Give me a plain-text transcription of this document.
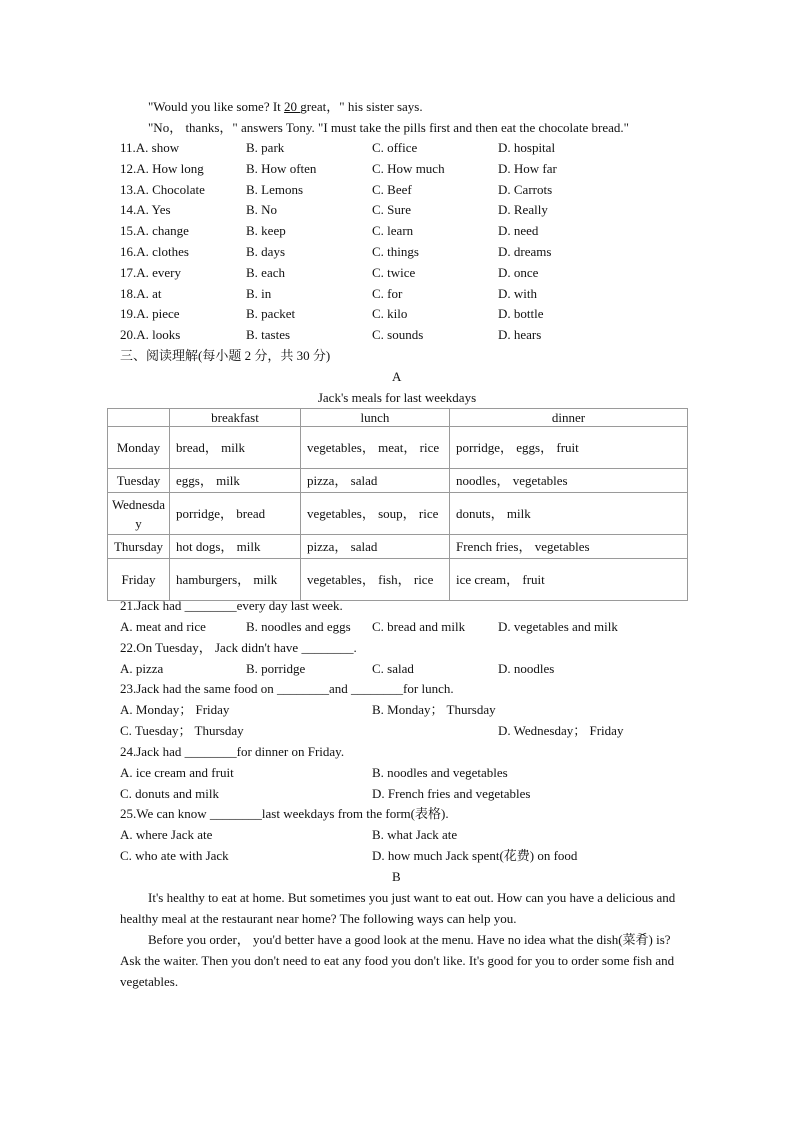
"Would you like some? It 20 great，" his sister says.
"No， thanks，" answers Tony. "I must take the pills first and then eat the chocolate bread."
11.A. show	B. park	C. office	D. hospital
12.A. How long	B. How often	C. How much	D. How far
13.A. Chocolate	B. Lemons	C. Beef	D. Carrots
14.A. Yes	B. No	C. Sure	D. Really
15.A. change	B. keep	C. learn	D. need
16.A. clothes	B. days	C. things	D. dreams
17.A. every	B. each	C. twice	D. once
18.A. at	B. in	C. for	D. with
19.A. piece	B. packet	C. kilo	D. bottle
20.A. looks	B. tastes	C. sounds	D. hears
三、阅读理解(每小题 2 分，共 30 分)
A
Jack's meals for last weekdays
	breakfast	lunch	dinner
Monday	bread， milk	vegetables， meat， rice	porridge， eggs， fruit
Tuesday	eggs， milk	pizza， salad	noodles， vegetables
Wednesday	porridge， bread	vegetables， soup， rice	donuts， milk
Thursday	hot dogs， milk	pizza， salad	French fries， vegetables
Friday	hamburgers， milk	vegetables， fish， rice	ice cream， fruit
21.Jack had ________every day last week.
A. meat and rice	B. noodles and eggs C. bread and milk	D. vegetables and milk
22.On Tuesday， Jack didn't have ________.
A. pizza	B. porridge	C. salad	D. noodles
23.Jack had the same food on ________and ________for lunch.
A. Monday； Friday	B. Monday； Thursday
C. Tuesday； Thursday	D. Wednesday； Friday
24.Jack had ________for dinner on Friday.
A. ice cream and fruit	B. noodles and vegetables
C. donuts and milk	D. French fries and vegetables
25.We can know ________last weekdays from the form(表格).
A. where Jack ate	B. what Jack ate
C. who ate with Jack	D. how much Jack spent(花费) on food
B

It's healthy to eat at home. But sometimes you just want to eat out. How can you have a delicious and healthy meal at the restaurant near home? The following ways can help you.

Before you order， you'd better have a good look at the menu. Have no idea what the dish(菜肴) is? Ask the waiter. Then you don't need to eat any food you don't like. It's good for you to order some fish and vegetables.
